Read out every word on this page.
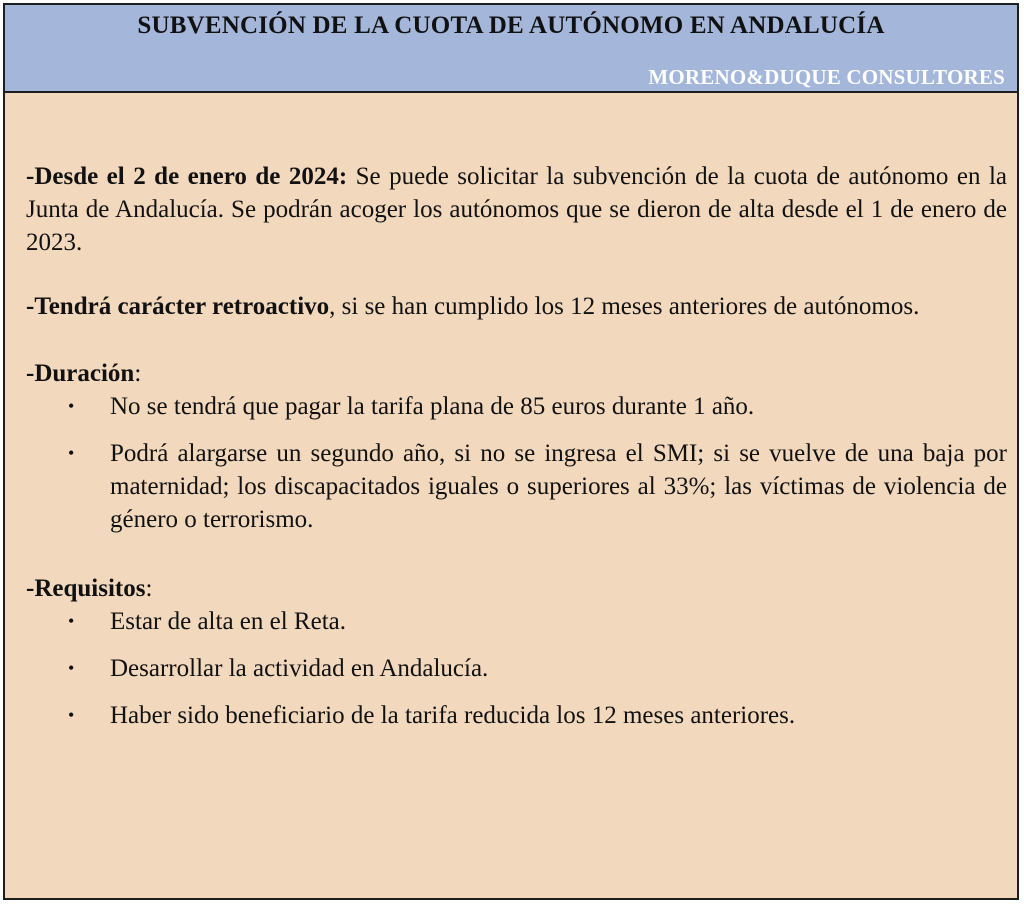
SUBVENCIÓN DE LA CUOTA DE AUTÓNOMO EN ANDALUCÍA

MORENO&DUQUE CONSULTORES

-Desde el 2 de enero de 2024: Se puede solicitar la subvención de la cuota de autónomo en la Junta de Andalucía. Se podrán acoger los autónomos que se dieron de alta desde el 1 de enero de 2023.

-Tendrá carácter retroactivo, si se han cumplido los 12 meses anteriores de autónomos.

-Duración:

• No se tendrá que pagar la tarifa plana de 85 euros durante 1 año.
• Podrá alargarse un segundo año, si no se ingresa el SMI; si se vuelve de una baja por maternidad; los discapacitados iguales o superiores al 33%; las víctimas de violencia de género o terrorismo.

-Requisitos:

• Estar de alta en el Reta.
• Desarrollar la actividad en Andalucía.
• Haber sido beneficiario de la tarifa reducida los 12 meses anteriores.
